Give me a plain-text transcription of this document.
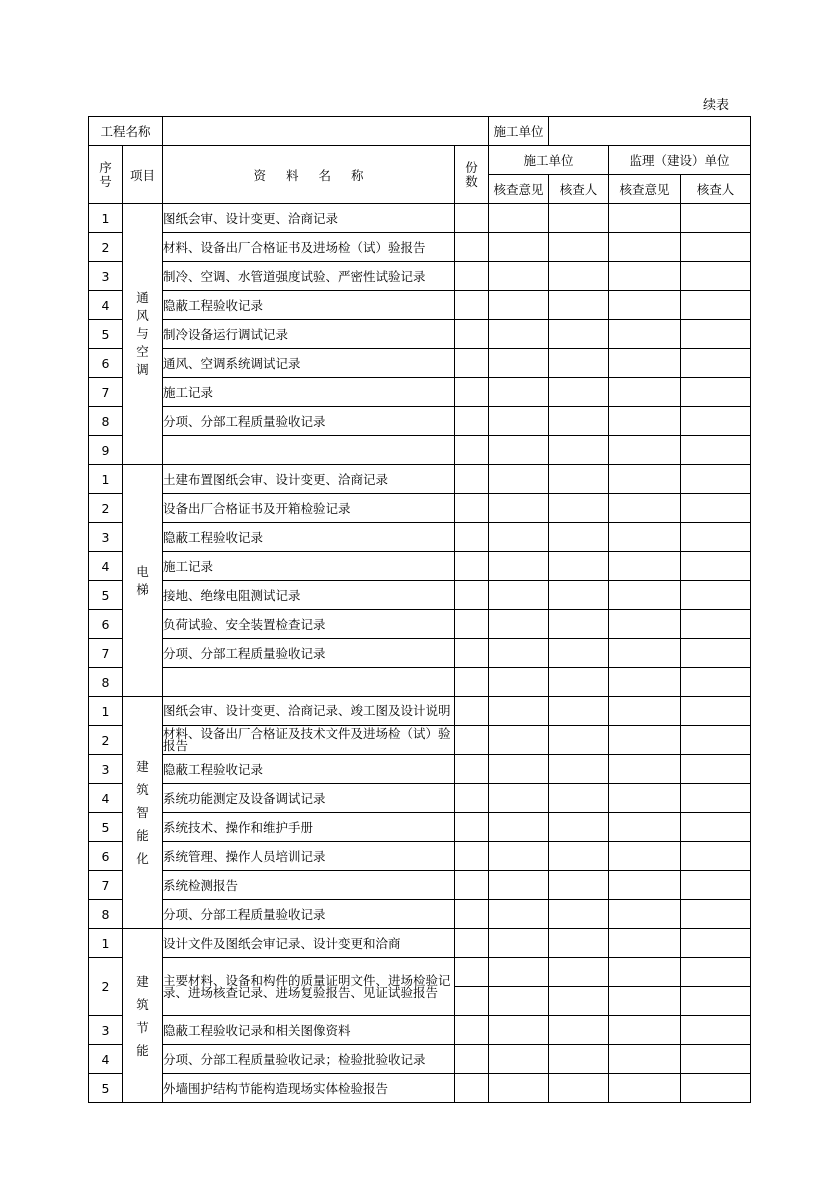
续表
工程名称				施工单位			
序号	项目	资料名称	份数	施工单位		监理（建设）单位	
				核查意见	核查人	核查意见	核查人
1	通风与空调	图纸会审、设计变更、洽商记录					
2		材料、设备出厂合格证书及进场检（试）验报告					
3		制冷、空调、水管道强度试验、严密性试验记录					
4		隐蔽工程验收记录					
5		制冷设备运行调试记录					
6		通风、空调系统调试记录					
7		施工记录					
8		分项、分部工程质量验收记录					
9							
1	电梯	土建布置图纸会审、设计变更、洽商记录					
2		设备出厂合格证书及开箱检验记录					
3		隐蔽工程验收记录					
4		施工记录					
5		接地、绝缘电阻测试记录					
6		负荷试验、安全装置检查记录					
7		分项、分部工程质量验收记录					
8							
1	建筑智能化	图纸会审、设计变更、洽商记录、竣工图及设计说明					
2		材料、设备出厂合格证及技术文件及进场检（试）验报告					
3		隐蔽工程验收记录					
4		系统功能测定及设备调试记录					
5		系统技术、操作和维护手册					
6		系统管理、操作人员培训记录					
7		系统检测报告					
8		分项、分部工程质量验收记录					
1	建筑节能	设计文件及图纸会审记录、设计变更和洽商					
2		主要材料、设备和构件的质量证明文件、进场检验记录、进场核查记录、进场复验报告、见证试验报告					

3		隐蔽工程验收记录和相关图像资料					
4		分项、分部工程质量验收记录；检验批验收记录					
5		外墙围护结构节能构造现场实体检验报告					
